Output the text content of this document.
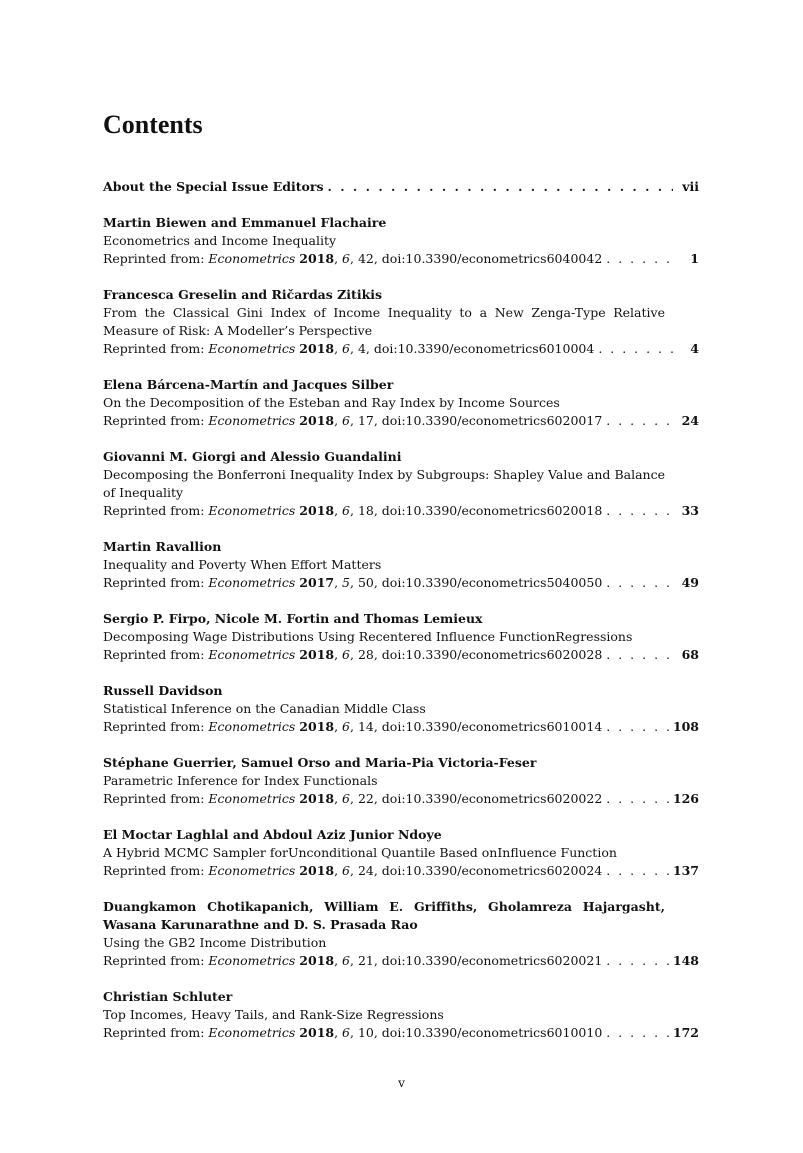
Contents
About the Special Issue Editors . . .	vii
Martin Biewen and Emmanuel Flachaire
Econometrics and Income Inequality
Reprinted from: Econometrics 2018, 6, 42, doi:10.3390/econometrics6040042 . . .	1
Francesca Greselin and Ričardas Zitikis
From the Classical Gini Index of Income Inequality to a New Zenga-Type Relative Measure of Risk: A Modeller’s Perspective
Reprinted from: Econometrics 2018, 6, 4, doi:10.3390/econometrics6010004 . . .	4
Elena Bárcena-Martín and Jacques Silber
On the Decomposition of the Esteban and Ray Index by Income Sources
Reprinted from: Econometrics 2018, 6, 17, doi:10.3390/econometrics6020017 . . .	24
Giovanni M. Giorgi and Alessio Guandalini
Decomposing the Bonferroni Inequality Index by Subgroups: Shapley Value and Balance of Inequality
Reprinted from: Econometrics 2018, 6, 18, doi:10.3390/econometrics6020018 . . .	33
Martin Ravallion
Inequality and Poverty When Effort Matters
Reprinted from: Econometrics 2017, 5, 50, doi:10.3390/econometrics5040050 . . .	49
Sergio P. Firpo, Nicole M. Fortin and Thomas Lemieux
Decomposing Wage Distributions Using Recentered Influence FunctionRegressions
Reprinted from: Econometrics 2018, 6, 28, doi:10.3390/econometrics6020028 . . .	68
Russell Davidson
Statistical Inference on the Canadian Middle Class
Reprinted from: Econometrics 2018, 6, 14, doi:10.3390/econometrics6010014 . . .	108
Stéphane Guerrier, Samuel Orso and Maria-Pia Victoria-Feser
Parametric Inference for Index Functionals
Reprinted from: Econometrics 2018, 6, 22, doi:10.3390/econometrics6020022 . . .	126
El Moctar Laghlal and Abdoul Aziz Junior Ndoye
A Hybrid MCMC Sampler forUnconditional Quantile Based onInfluence Function
Reprinted from: Econometrics 2018, 6, 24, doi:10.3390/econometrics6020024 . . .	137
Duangkamon Chotikapanich, William E. Griffiths, Gholamreza Hajargasht, Wasana Karunarathne and D. S. Prasada Rao
Using the GB2 Income Distribution
Reprinted from: Econometrics 2018, 6, 21, doi:10.3390/econometrics6020021 . . .	148
Christian Schluter
Top Incomes, Heavy Tails, and Rank-Size Regressions
Reprinted from: Econometrics 2018, 6, 10, doi:10.3390/econometrics6010010 . . .	172
v
